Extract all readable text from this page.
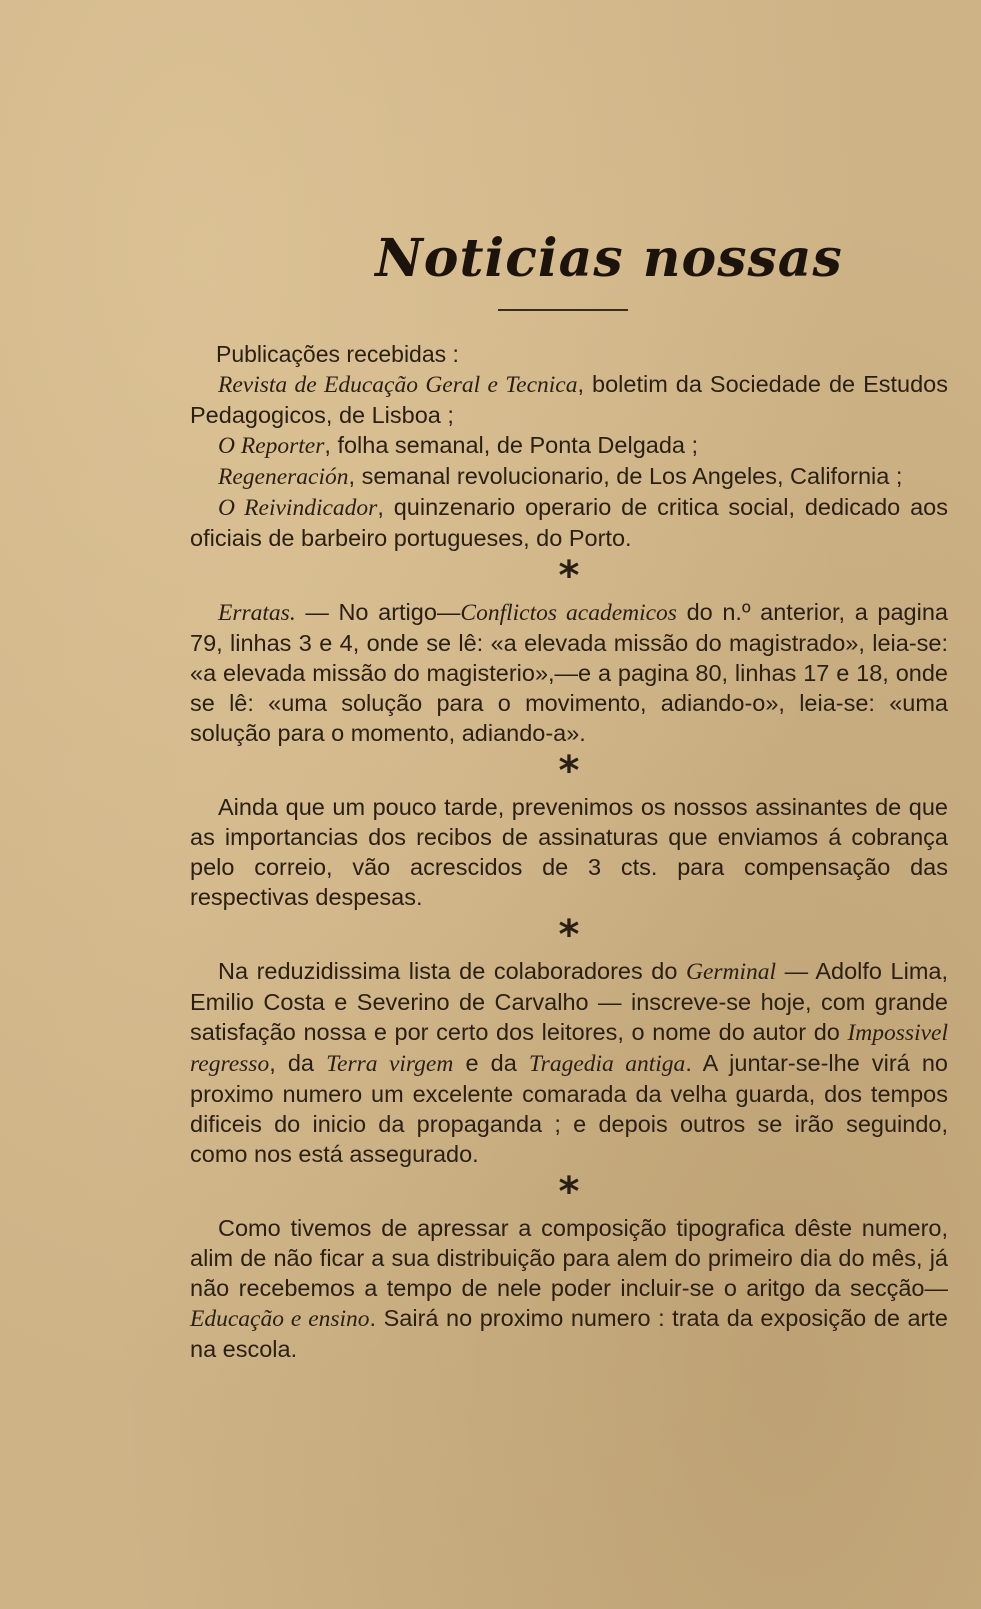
Noticias nossas
Publicações recebidas :

Revista de Educação Geral e Tecnica, boletim da Sociedade de Estudos Pedagogicos, de Lisboa ;

O Reporter, folha semanal, de Ponta Delgada ;

Regeneración, semanal revolucionario, de Los Angeles, California ;

O Reivindicador, quinzenario operario de critica social, dedicado aos oficiais de barbeiro portugueses, do Porto.

*

Erratas. — No artigo—Conflictos academicos do n.º anterior, a pagina 79, linhas 3 e 4, onde se lê: «a elevada missão do magistrado», leia-se: «a elevada missão do magisterio»,—e a pagina 80, linhas 17 e 18, onde se lê: «uma solução para o movimento, adiando-o», leia-se: «uma solução para o momento, adiando-a».

*

Ainda que um pouco tarde, prevenimos os nossos assinantes de que as importancias dos recibos de assinaturas que enviamos á cobrança pelo correio, vão acrescidos de 3 cts. para compensação das respectivas despesas.

*

Na reduzidissima lista de colaboradores do Germinal — Adolfo Lima, Emilio Costa e Severino de Carvalho — inscreve-se hoje, com grande satisfação nossa e por certo dos leitores, o nome do autor do Impossivel regresso, da Terra virgem e da Tragedia antiga. A juntar-se-lhe virá no proximo numero um excelente comarada da velha guarda, dos tempos dificeis do inicio da propaganda ; e depois outros se irão seguindo, como nos está assegurado.

*

Como tivemos de apressar a composição tipografica dêste numero, alim de não ficar a sua distribuição para alem do primeiro dia do mês, já não recebemos a tempo de nele poder incluir-se o aritgo da secção—Educação e ensino. Sairá no proximo numero : trata da exposição de arte na escola.
